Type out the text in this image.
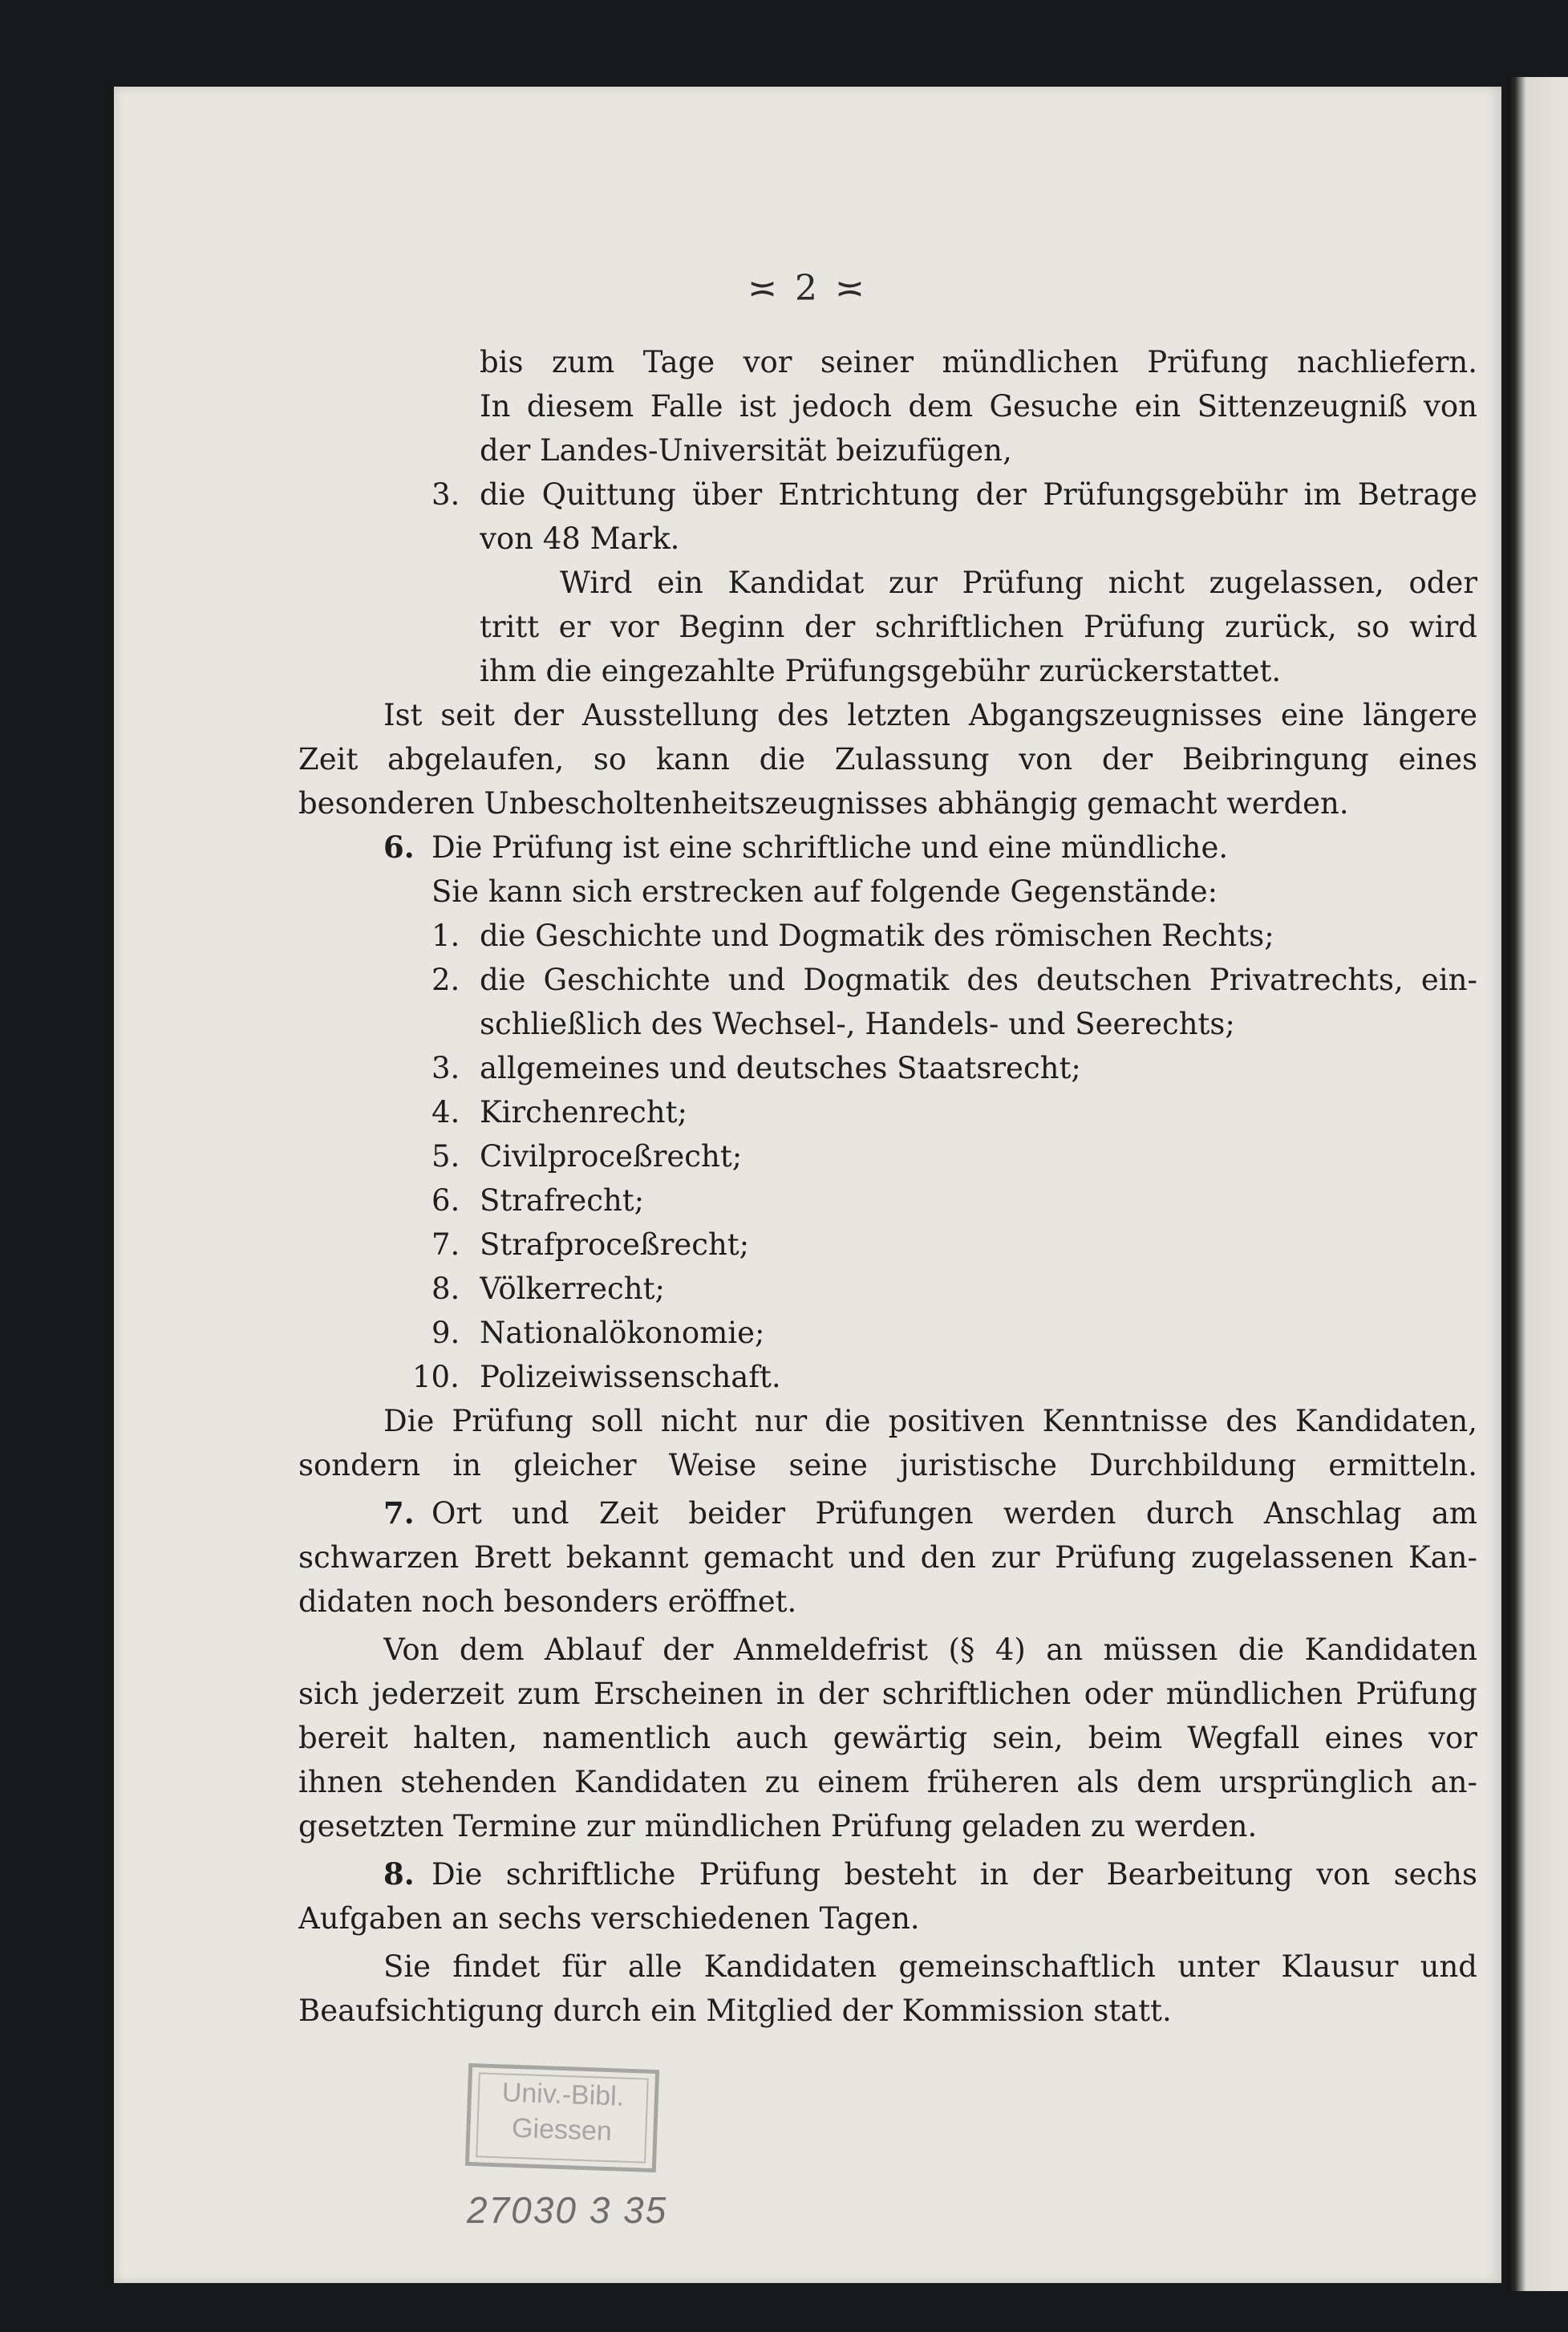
≍ 2 ≍
bis zum Tage vor seiner mündlichen Prüfung nachliefern.
In diesem Falle ist jedoch dem Gesuche ein Sittenzeugniß von
der Landes-Universität beizufügen,
3. die Quittung über Entrichtung der Prüfungsgebühr im Betrage
von 48 Mark.
Wird ein Kandidat zur Prüfung nicht zugelassen, oder
tritt er vor Beginn der schriftlichen Prüfung zurück, so wird
ihm die eingezahlte Prüfungsgebühr zurückerstattet.
Ist seit der Ausstellung des letzten Abgangszeugnisses eine längere
Zeit abgelaufen, so kann die Zulassung von der Beibringung eines
besonderen Unbescholtenheitszeugnisses abhängig gemacht werden.
6. Die Prüfung ist eine schriftliche und eine mündliche.
Sie kann sich erstrecken auf folgende Gegenstände:
1. die Geschichte und Dogmatik des römischen Rechts;
2. die Geschichte und Dogmatik des deutschen Privatrechts, ein-
schließlich des Wechsel-, Handels- und Seerechts;
3. allgemeines und deutsches Staatsrecht;
4. Kirchenrecht;
5. Civilproceßrecht;
6. Strafrecht;
7. Strafproceßrecht;
8. Völkerrecht;
9. Nationalökonomie;
10. Polizeiwissenschaft.
Die Prüfung soll nicht nur die positiven Kenntnisse des Kandidaten,
sondern in gleicher Weise seine juristische Durchbildung ermitteln.
7. Ort und Zeit beider Prüfungen werden durch Anschlag am
schwarzen Brett bekannt gemacht und den zur Prüfung zugelassenen Kan-
didaten noch besonders eröffnet.
Von dem Ablauf der Anmeldefrist (§ 4) an müssen die Kandidaten
sich jederzeit zum Erscheinen in der schriftlichen oder mündlichen Prüfung
bereit halten, namentlich auch gewärtig sein, beim Wegfall eines vor
ihnen stehenden Kandidaten zu einem früheren als dem ursprünglich an-
gesetzten Termine zur mündlichen Prüfung geladen zu werden.
8. Die schriftliche Prüfung besteht in der Bearbeitung von sechs
Aufgaben an sechs verschiedenen Tagen.
Sie findet für alle Kandidaten gemeinschaftlich unter Klausur und
Beaufsichtigung durch ein Mitglied der Kommission statt.
Univ.-Bibl.
Giessen
27030 3 35
